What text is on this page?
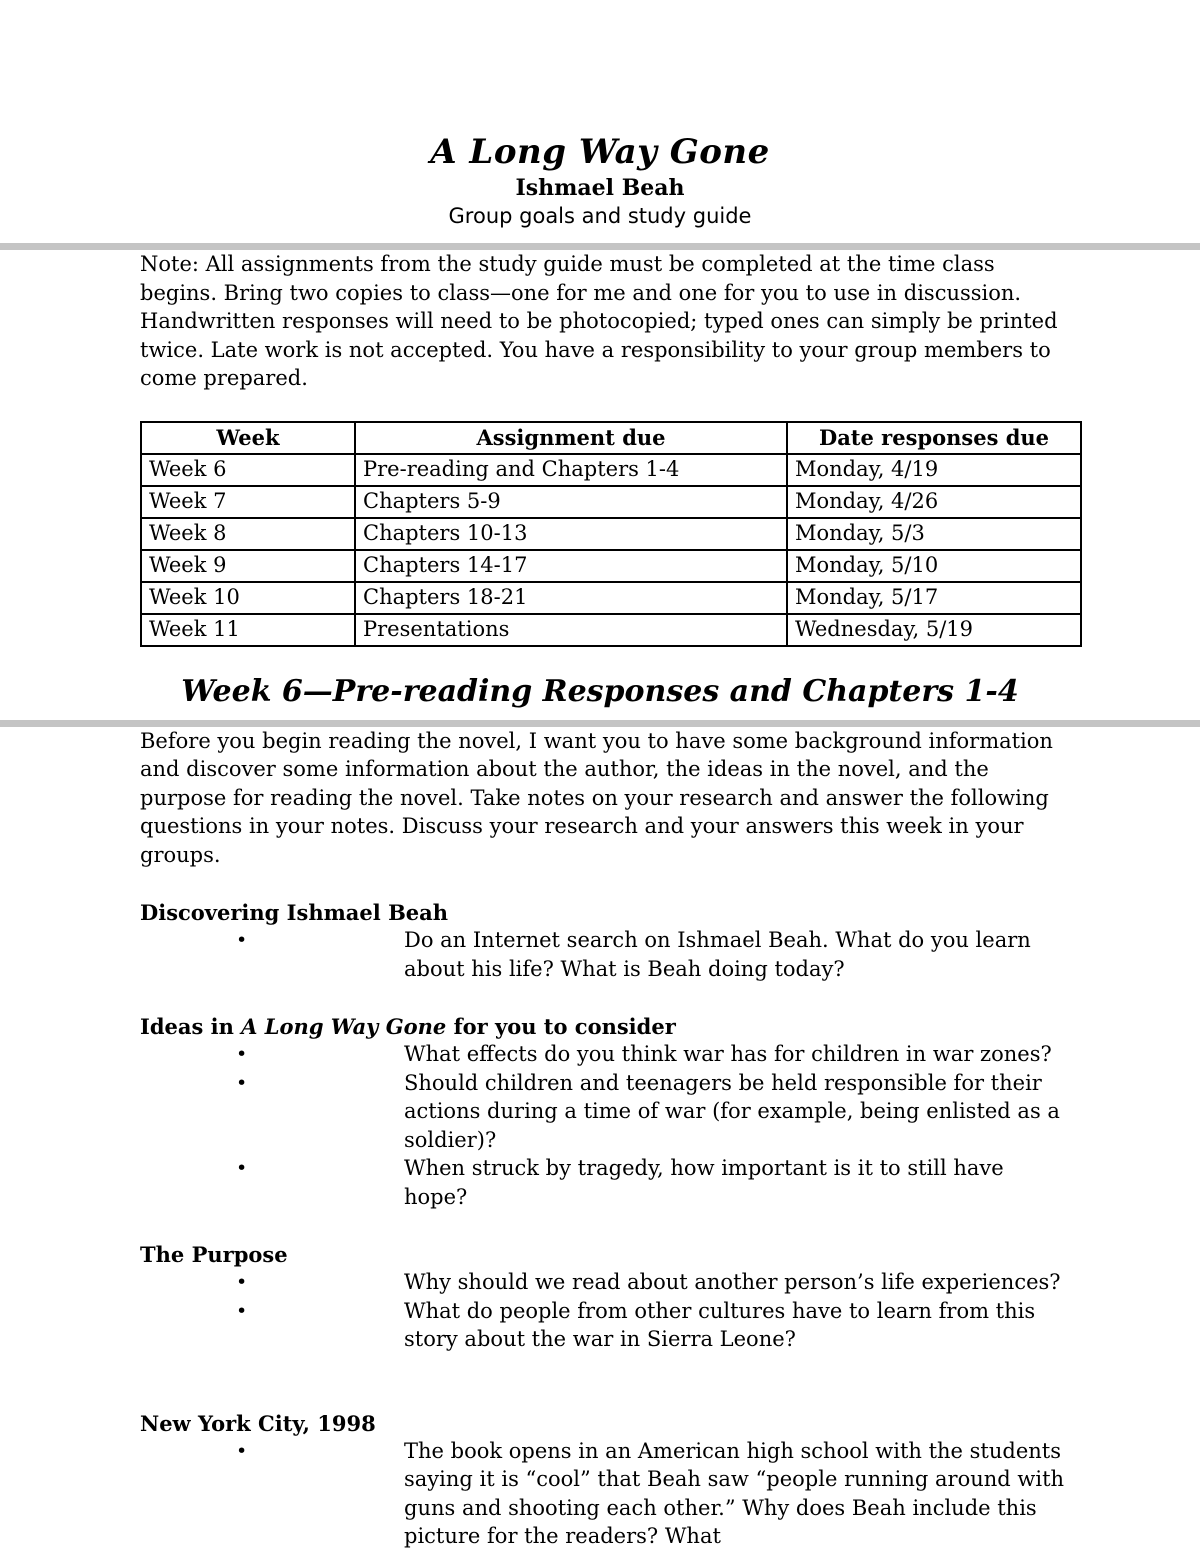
A Long Way Gone
Ishmael Beah
Group goals and study guide

Note: All assignments from the study guide must be completed at the time class begins. Bring two copies to class—one for me and one for you to use in discussion. Handwritten responses will need to be photocopied; typed ones can simply be printed twice. Late work is not accepted. You have a responsibility to your group members to come prepared.

Week	Assignment due	Date responses due
Week 6	Pre-reading and Chapters 1-4	Monday, 4/19
Week 7	Chapters 5-9	Monday, 4/26
Week 8	Chapters 10-13	Monday, 5/3
Week 9	Chapters 14-17	Monday, 5/10
Week 10	Chapters 18-21	Monday, 5/17
Week 11	Presentations	Wednesday, 5/19
Week 6—Pre-reading Responses and Chapters 1-4

Before you begin reading the novel, I want you to have some background information and discover some information about the author, the ideas in the novel, and the purpose for reading the novel. Take notes on your research and answer the following questions in your notes. Discuss your research and your answers this week in your groups.

Discovering Ishmael Beah
•	Do an Internet search on Ishmael Beah. What do you learn about his life? What is Beah doing today?
Ideas in A Long Way Gone for you to consider
•	What effects do you think war has for children in war zones?
•	Should children and teenagers be held responsible for their actions during a time of war (for example, being enlisted as a soldier)?
•	When struck by tragedy, how important is it to still have hope?
The Purpose
•	Why should we read about another person’s life experiences?
•	What do people from other cultures have to learn from this story about the war in Sierra Leone?
New York City, 1998
•	The book opens in an American high school with the students saying it is “cool” that Beah saw “people running around with guns and shooting each other.” Why does Beah include this picture for the readers? What
